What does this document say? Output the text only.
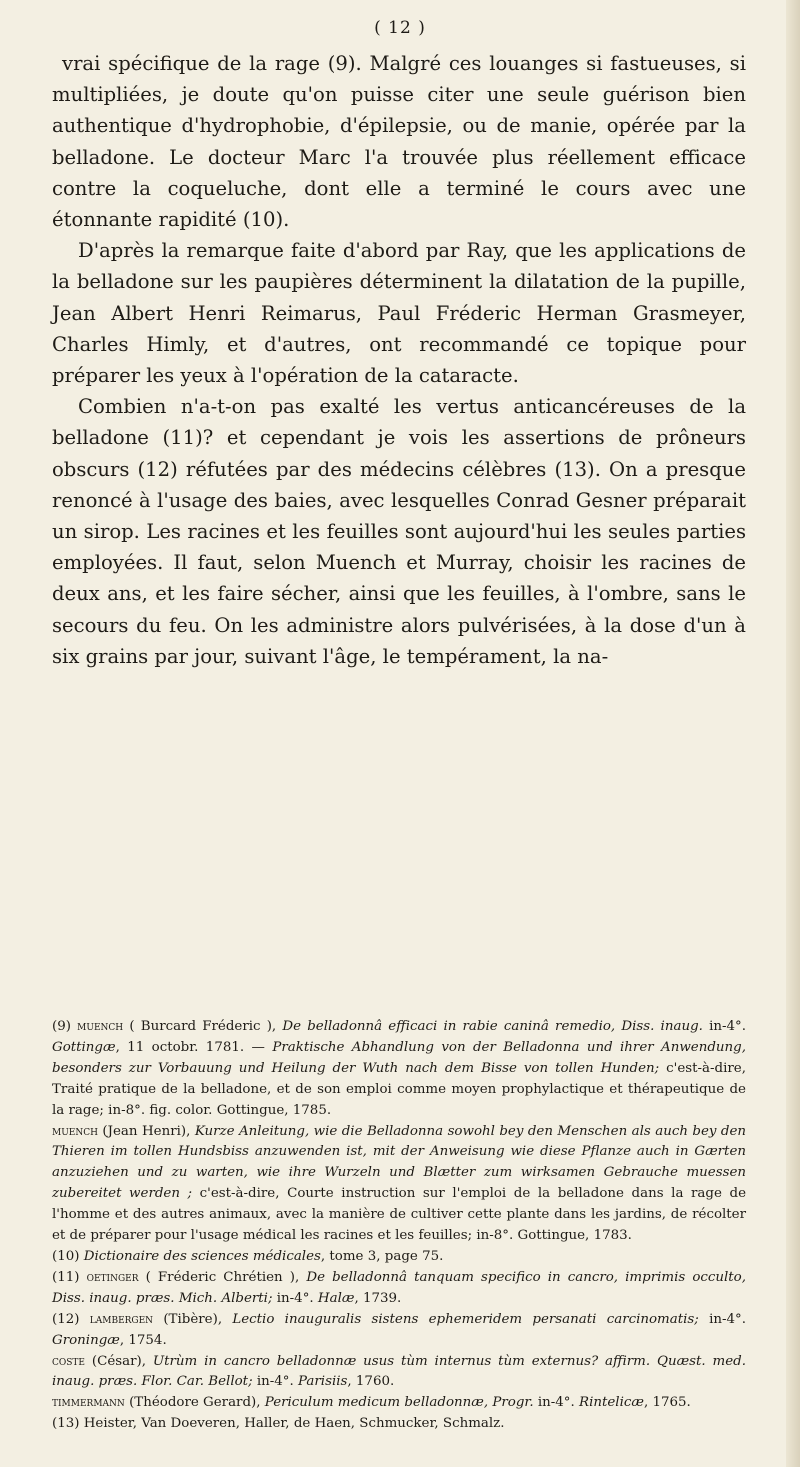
( 12 )

vrai spécifique de la rage (9). Malgré ces louanges si fastueuses, si multipliées, je doute qu'on puisse citer une seule guérison bien authentique d'hydrophobie, d'épilepsie, ou de manie, opérée par la belladone. Le docteur Marc l'a trouvée plus réellement efficace contre la coqueluche, dont elle a terminé le cours avec une étonnante rapidité (10).

D'après la remarque faite d'abord par Ray, que les applications de la belladone sur les paupières déterminent la dilatation de la pupille, Jean Albert Henri Reimarus, Paul Fréderic Herman Grasmeyer, Charles Himly, et d'autres, ont recommandé ce topique pour préparer les yeux à l'opération de la cataracte.

Combien n'a-t-on pas exalté les vertus anticancéreuses de la belladone (11)? et cependant je vois les assertions de prôneurs obscurs (12) réfutées par des médecins célèbres (13). On a presque renoncé à l'usage des baies, avec lesquelles Conrad Gesner préparait un sirop. Les racines et les feuilles sont aujourd'hui les seules parties employées. Il faut, selon Muench et Murray, choisir les racines de deux ans, et les faire sécher, ainsi que les feuilles, à l'ombre, sans le secours du feu. On les administre alors pulvérisées, à la dose d'un à six grains par jour, suivant l'âge, le tempérament, la na-

(9) muench ( Burcard Fréderic ), De belladonnâ efficaci in rabie caninâ remedio, Diss. inaug. in-4°. Gottingæ, 11 octobr. 1781. — Praktische Abhandlung von der Belladonna und ihrer Anwendung, besonders zur Vorbauung und Heilung der Wuth nach dem Bisse von tollen Hunden; c'est-à-dire, Traité pratique de la belladone, et de son emploi comme moyen prophylactique et thérapeutique de la rage; in-8°. fig. color. Gottingue, 1785.

muench (Jean Henri), Kurze Anleitung, wie die Belladonna sowohl bey den Menschen als auch bey den Thieren im tollen Hundsbiss anzuwenden ist, mit der Anweisung wie diese Pflanze auch in Gærten anzuziehen und zu warten, wie ihre Wurzeln und Blætter zum wirksamen Gebrauche muessen zubereitet werden ; c'est-à-dire, Courte instruction sur l'emploi de la belladone dans la rage de l'homme et des autres animaux, avec la manière de cultiver cette plante dans les jardins, de récolter et de préparer pour l'usage médical les racines et les feuilles; in-8°. Gottingue, 1783.

(10) Dictionaire des sciences médicales, tome 3, page 75.

(11) oetinger ( Fréderic Chrétien ), De belladonnâ tanquam specifico in cancro, imprimis occulto, Diss. inaug. præs. Mich. Alberti; in-4°. Halæ, 1739.

(12) lambergen (Tibère), Lectio inauguralis sistens ephemeridem persanati carcinomatis; in-4°. Groningæ, 1754.

coste (César), Utrùm in cancro belladonnæ usus tùm internus tùm externus? affirm. Quæst. med. inaug. præs. Flor. Car. Bellot; in-4°. Parisiis, 1760.

timmermann (Théodore Gerard), Periculum medicum belladonnæ, Progr. in-4°. Rintelicæ, 1765.

(13) Heister, Van Doeveren, Haller, de Haen, Schmucker, Schmalz.
